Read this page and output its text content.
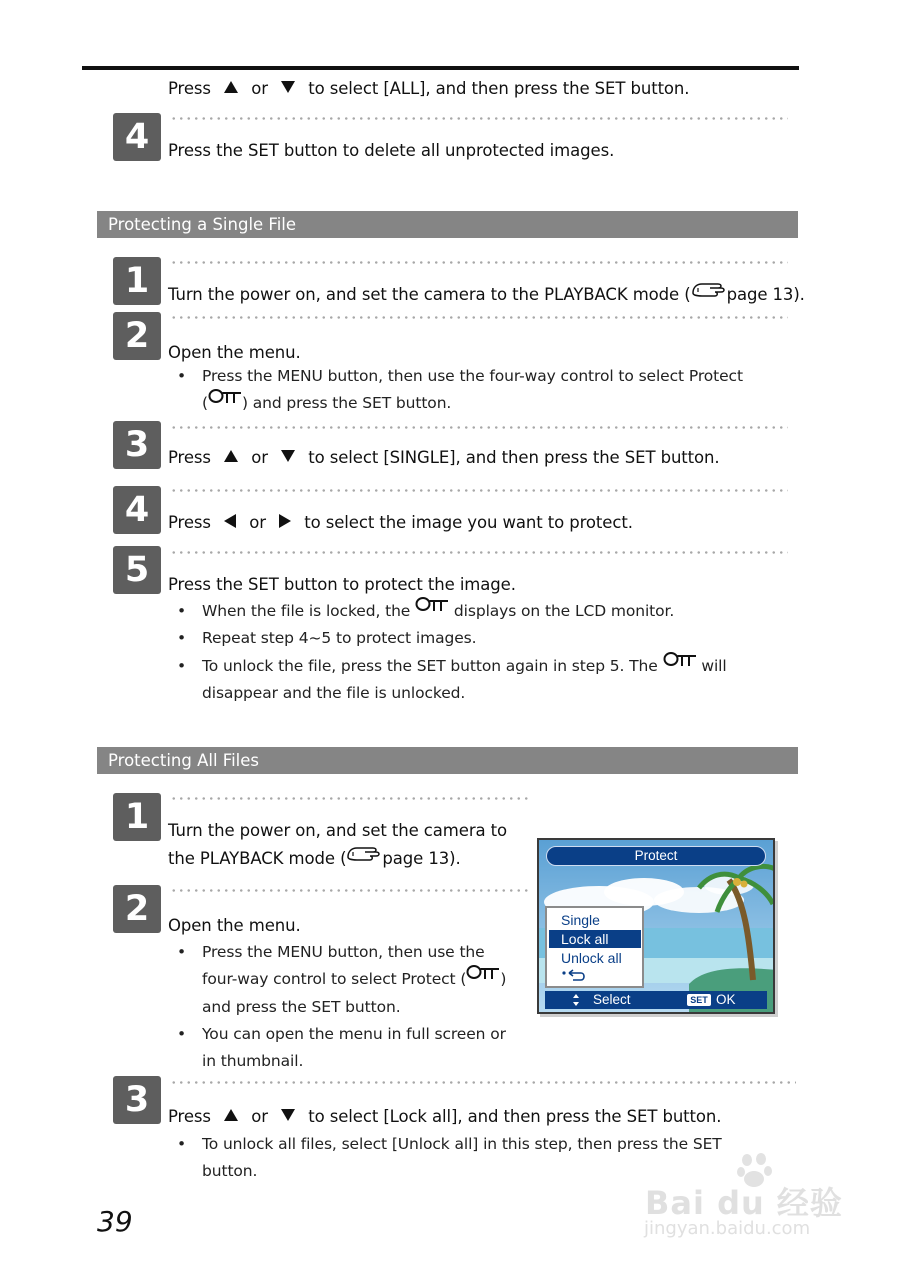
Press or to select [ALL], and then press the SET button.
4	Press the SET button to delete all unprotected images.
Protecting a Single File
1	Turn the power on, and set the camera to the PLAYBACK mode ( page 13).
2	Open the menu.
• Press the MENU button, then use the four-way control to select Protect
( ) and press the SET button.
3	Press or to select [SINGLE], and then press the SET button.
4	Press or to select the image you want to protect.
5	Press the SET button to protect the image.
• When the file is locked, the	displays on the LCD monitor.
• Repeat step 4~5 to protect images.
• To unlock the file, press the SET button again in step 5. The	will
disappear and the file is unlocked.
Protecting All Files
1	Turn the power on, and set the camera to
the PLAYBACK mode ( page 13).
2	Open the menu.
• Press the MENU button, then use the
four-way control to select Protect ( )
and press the SET button.
• You can open the menu in full screen or
in thumbnail.
Protect
Single
Lock all
Unlock all
Select	SET OK
3	Press or to select [Lock all], and then press the SET button.
• To unlock all files, select [Unlock all] in this step, then press the SET
button.
39	Bai du 经验
jingyan.baidu.com
